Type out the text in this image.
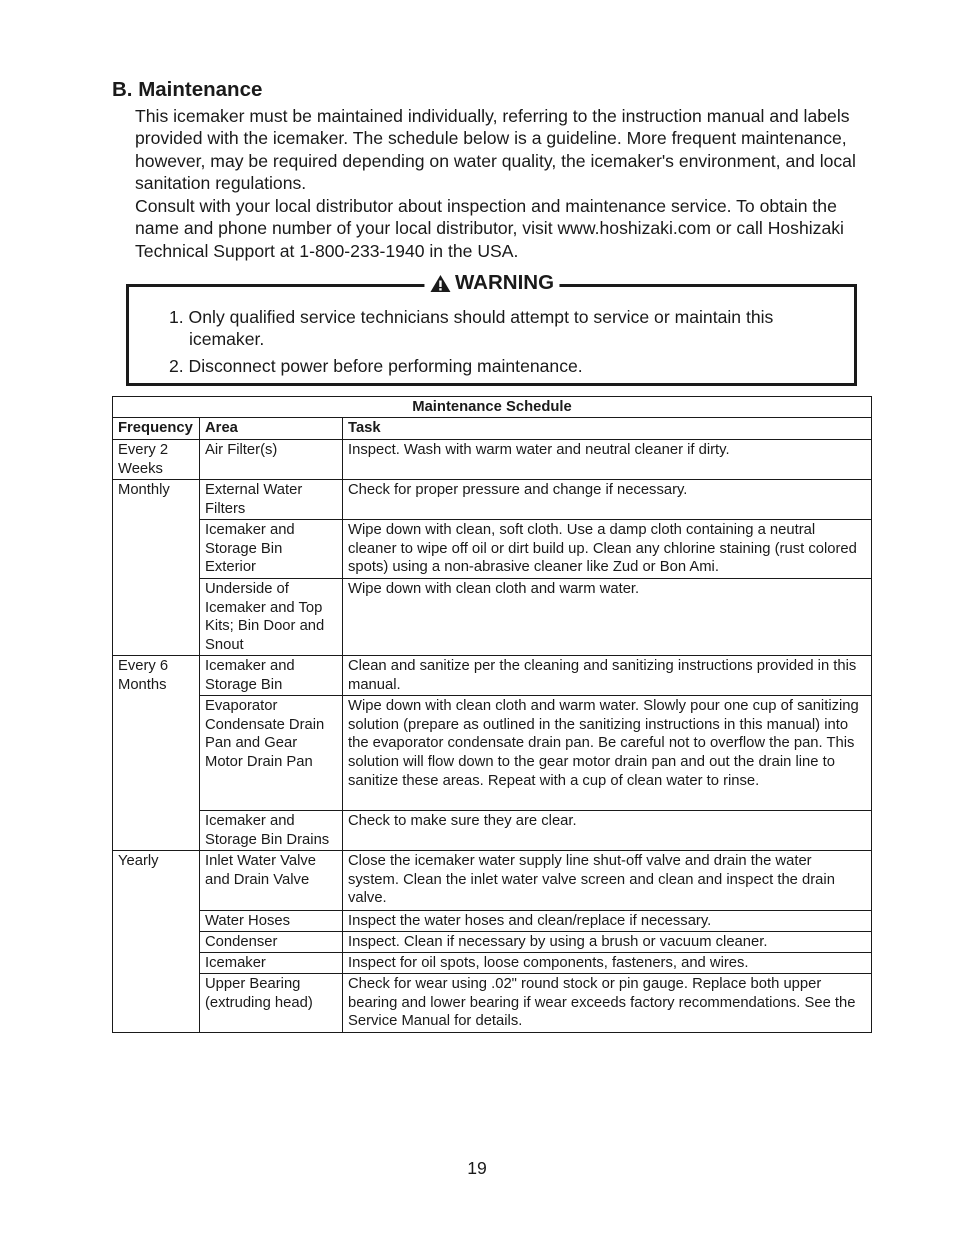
B. Maintenance

This icemaker must be maintained individually, referring to the instruction manual and labels provided with the icemaker. The schedule below is a guideline. More frequent maintenance, however, may be required depending on water quality, the icemaker's environment, and local sanitation regulations.

Consult with your local distributor about inspection and maintenance service. To obtain the name and phone number of your local distributor, visit www.hoshizaki.com or call Hoshizaki Technical Support at 1-800-233-1940 in the USA.

WARNING

1. Only qualified service technicians should attempt to service or maintain this icemaker.

2. Disconnect power before performing maintenance.

Maintenance Schedule		
Frequency	Area	Task
Every 2 Weeks	Air Filter(s)	Inspect. Wash with warm water and neutral cleaner if dirty.
Monthly	External Water Filters	Check for proper pressure and change if necessary.
	Icemaker and Storage Bin Exterior	Wipe down with clean, soft cloth. Use a damp cloth containing a neutral cleaner to wipe off oil or dirt build up. Clean any chlorine staining (rust colored spots) using a non-abrasive cleaner like Zud or Bon Ami.
	Underside of Icemaker and Top Kits; Bin Door and Snout	Wipe down with clean cloth and warm water.
Every 6 Months	Icemaker and Storage Bin	Clean and sanitize per the cleaning and sanitizing instructions provided in this manual.
	Evaporator Condensate Drain Pan and Gear Motor Drain Pan	Wipe down with clean cloth and warm water. Slowly pour one cup of sanitizing solution (prepare as outlined in the sanitizing instructions in this manual) into the evaporator condensate drain pan. Be careful not to overflow the pan. This solution will flow down to the gear motor drain pan and out the drain line to sanitize these areas. Repeat with a cup of clean water to rinse.
	Icemaker and Storage Bin Drains	Check to make sure they are clear.
Yearly	Inlet Water Valve and Drain Valve	Close the icemaker water supply line shut-off valve and drain the water system. Clean the inlet water valve screen and clean and inspect the drain valve.
	Water Hoses	Inspect the water hoses and clean/replace if necessary.
	Condenser	Inspect. Clean if necessary by using a brush or vacuum cleaner.
	Icemaker	Inspect for oil spots, loose components, fasteners, and wires.
	Upper Bearing (extruding head)	Check for wear using .02" round stock or pin gauge. Replace both upper bearing and lower bearing if wear exceeds factory recommendations. See the Service Manual for details.

19
